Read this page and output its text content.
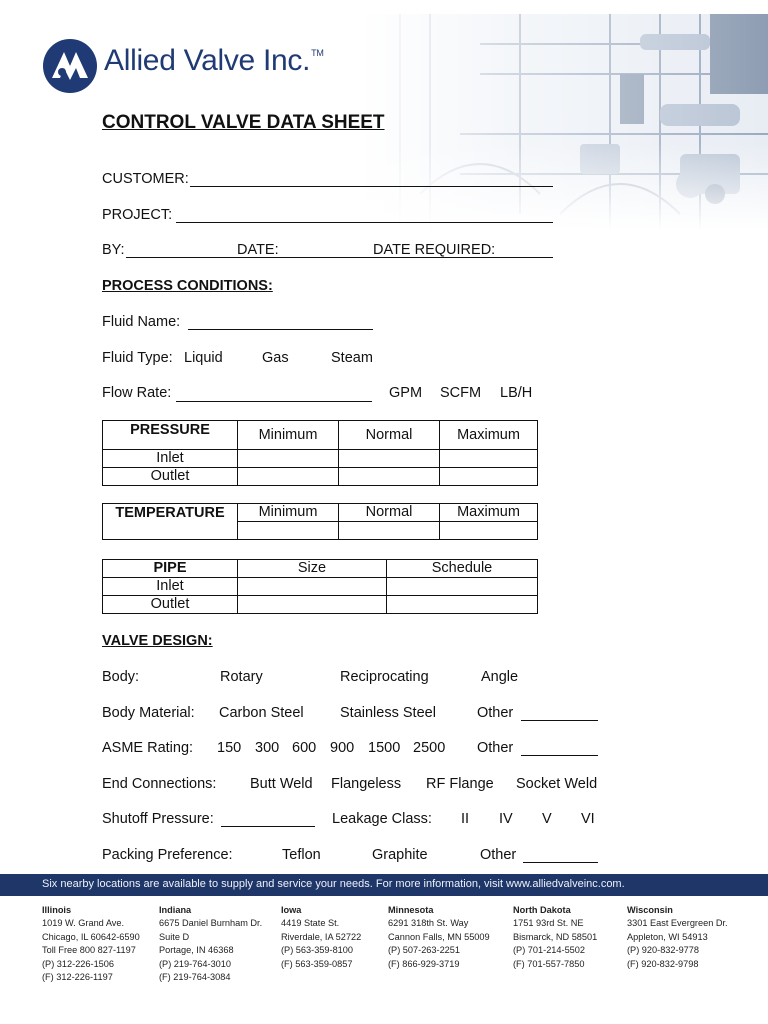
Allied Valve Inc.™
CONTROL VALVE DATA SHEET
CUSTOMER:
PROJECT:
BY:	DATE:	DATE REQUIRED:
PROCESS CONDITIONS:
Fluid Name:
Fluid Type: Liquid	Gas	Steam
Flow Rate:	GPM SCFM LB/H
PRESSURE	Minimum	Normal	Maximum
Inlet			
Outlet			
TEMPERATURE	Minimum	Normal	Maximum

PIPE	Size	Schedule
Inlet		
Outlet		
VALVE DESIGN:
Body:	Rotary	Reciprocating	Angle
Body Material: Carbon Steel	Stainless Steel	Other
ASME Rating: 150 300 600 900 1500 2500 Other
End Connections: Butt Weld Flangeless RF Flange Socket Weld
Shutoff Pressure:	Leakage Class: II IV V VI
Packing Preference:	Teflon	Graphite	Other
Six nearby locations are available to supply and service your needs. For more information, visit www.alliedvalveinc.com.
Illinois
1019 W. Grand Ave.
Chicago, IL 60642-6590
Toll Free 800 827-1197
(P) 312-226-1506
(F) 312-226-1197
Indiana
6675 Daniel Burnham Dr.
Suite D
Portage, IN 46368
(P) 219-764-3010
(F) 219-764-3084
Iowa
4419 State St.
Riverdale, IA 52722
(P) 563-359-8100
(F) 563-359-0857
Minnesota
6291 318th St. Way
Cannon Falls, MN 55009
(P) 507-263-2251
(F) 866-929-3719
North Dakota
1751 93rd St. NE
Bismarck, ND 58501
(P) 701-214-5502
(F) 701-557-7850
Wisconsin
3301 East Evergreen Dr.
Appleton, WI 54913
(P) 920-832-9778
(F) 920-832-9798
